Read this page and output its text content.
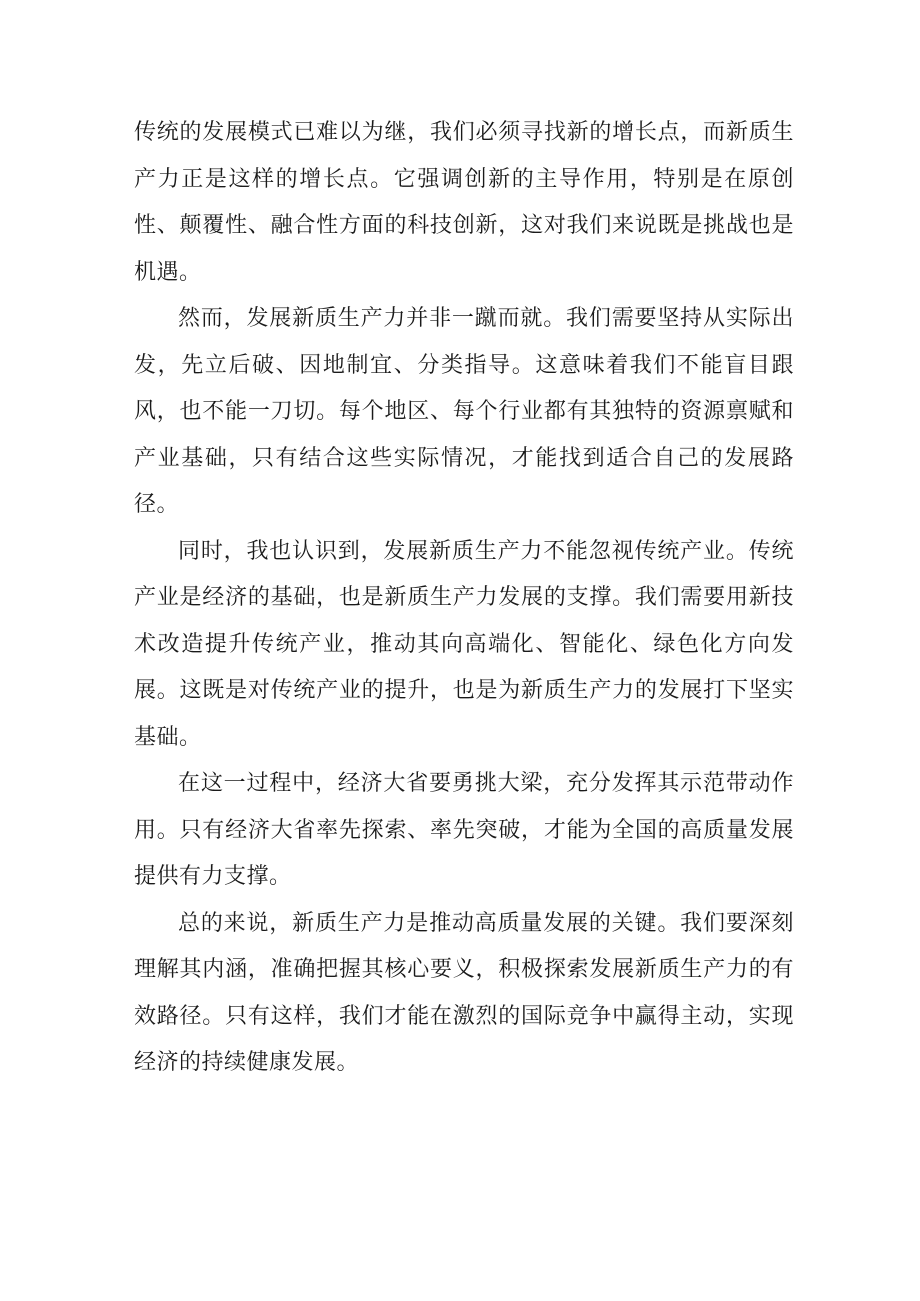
传统的发展模式已难以为继，我们必须寻找新的增长点，而新质生产力正是这样的增长点。它强调创新的主导作用，特别是在原创性、颠覆性、融合性方面的科技创新，这对我们来说既是挑战也是机遇。

然而，发展新质生产力并非一蹴而就。我们需要坚持从实际出发，先立后破、因地制宜、分类指导。这意味着我们不能盲目跟风，也不能一刀切。每个地区、每个行业都有其独特的资源禀赋和产业基础，只有结合这些实际情况，才能找到适合自己的发展路径。

同时，我也认识到，发展新质生产力不能忽视传统产业。传统产业是经济的基础，也是新质生产力发展的支撑。我们需要用新技术改造提升传统产业，推动其向高端化、智能化、绿色化方向发展。这既是对传统产业的提升，也是为新质生产力的发展打下坚实基础。

在这一过程中，经济大省要勇挑大梁，充分发挥其示范带动作用。只有经济大省率先探索、率先突破，才能为全国的高质量发展提供有力支撑。

总的来说，新质生产力是推动高质量发展的关键。我们要深刻理解其内涵，准确把握其核心要义，积极探索发展新质生产力的有效路径。只有这样，我们才能在激烈的国际竞争中赢得主动，实现经济的持续健康发展。
